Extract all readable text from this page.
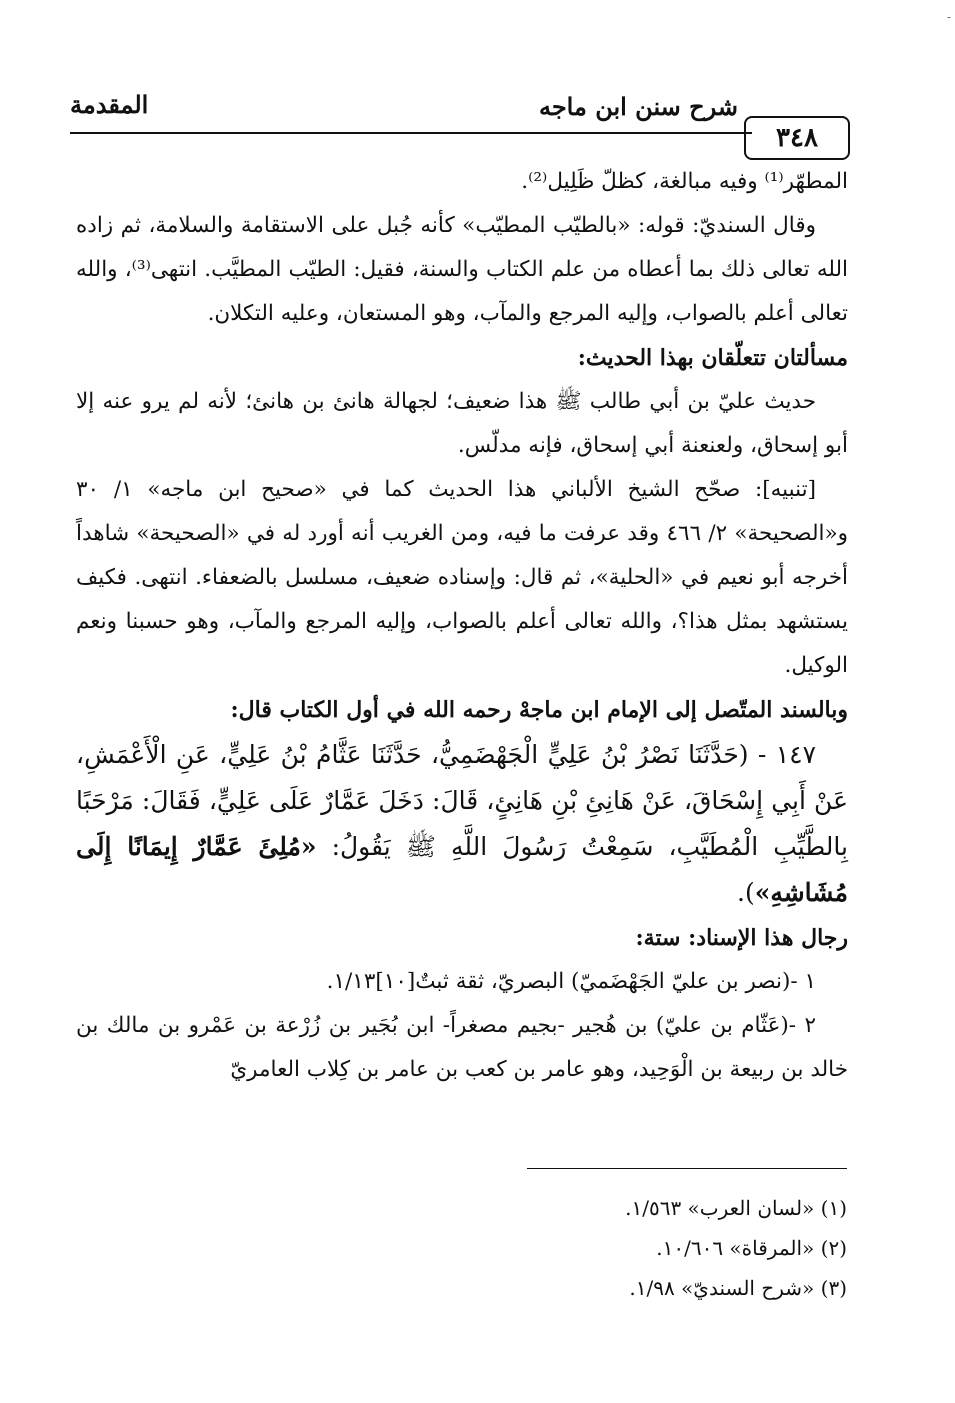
-
٣٤٨
شرح سنن ابن ماجه
المقدمة

المطهّر⁽¹⁾ وفيه مبالغة، كظلّ ظَلِيل⁽²⁾.

وقال السنديّ: قوله: «بالطيّب المطيّب» كأنه جُبل على الاستقامة والسلامة، ثم زاده الله تعالى ذلك بما أعطاه من علم الكتاب والسنة، فقيل: الطيّب المطيَّب. انتهى⁽³⁾، والله تعالى أعلم بالصواب، وإليه المرجع والمآب، وهو المستعان، وعليه التكلان.

مسألتان تتعلّقان بهذا الحديث:

حديث عليّ بن أبي طالب ﷺ هذا ضعيف؛ لجهالة هانئ بن هانئ؛ لأنه لم يرو عنه إلا أبو إسحاق، ولعنعنة أبي إسحاق، فإنه مدلّس.

[تنبيه]: صحّح الشيخ الألباني هذا الحديث كما في «صحيح ابن ماجه» ١/ ٣٠ و«الصحيحة» ٢/ ٤٦٦ وقد عرفت ما فيه، ومن الغريب أنه أورد له في «الصحيحة» شاهداً أخرجه أبو نعيم في «الحلية»، ثم قال: وإسناده ضعيف، مسلسل بالضعفاء. انتهى. فكيف يستشهد بمثل هذا؟، والله تعالى أعلم بالصواب، وإليه المرجع والمآب، وهو حسبنا ونعم الوكيل.

وبالسند المتّصل إلى الإمام ابن ماجهْ رحمه الله في أول الكتاب قال:

١٤٧ - (حَدَّثَنَا نَصْرُ بْنُ عَلِيٍّ الْجَهْضَمِيُّ، حَدَّثَنَا عَثَّامُ بْنُ عَلِيٍّ، عَنِ الْأَعْمَشِ، عَنْ أَبِي إِسْحَاقَ، عَنْ هَانِئِ بْنِ هَانِئٍ، قَالَ: دَخَلَ عَمَّارٌ عَلَى عَلِيٍّ، فَقَالَ: مَرْحَبًا بِالطَّيِّبِ الْمُطَيَّبِ، سَمِعْتُ رَسُولَ اللَّهِ ﷺ يَقُولُ: «مُلِئَ عَمَّارٌ إِيمَانًا إِلَى مُشَاشِهِ»).

رجال هذا الإسناد: ستة:

١ -(نصر بن عليّ الجَهْضَميّ) البصريّ، ثقة ثبتٌ[١٠]١/١٣.

٢ -(عَثّام بن عليّ) بن هُجير -بجيم مصغراً- ابن بُجَير بن زُرْعة بن عَمْرو بن مالك بن خالد بن ربيعة بن الْوَحِيد، وهو عامر بن كعب بن عامر بن كِلاب العامريّ

(١) «لسان العرب» ١/٥٦٣.
(٢) «المرقاة» ١٠/٦٠٦.
(٣) «شرح السنديّ» ١/٩٨.
